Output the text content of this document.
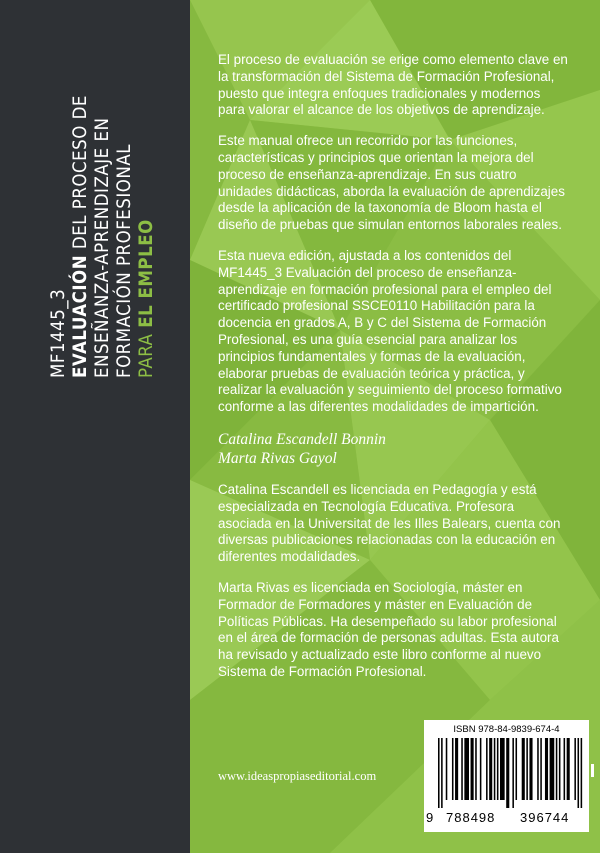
MF1445_3 EVALUACIÓN DEL PROCESO DE ENSEÑANZA-APRENDIZAJE EN FORMACIÓN PROFESIONAL PARA EL EMPLEO

El proceso de evaluación se erige como elemento clave en la transformación del Sistema de Formación Profesional, puesto que integra enfoques tradicionales y modernos para valorar el alcance de los objetivos de aprendizaje.

Este manual ofrece un recorrido por las funciones, características y principios que orientan la mejora del proceso de enseñanza-aprendizaje. En sus cuatro unidades didácticas, aborda la evaluación de aprendizajes desde la aplicación de la taxonomía de Bloom hasta el diseño de pruebas que simulan entornos laborales reales.

Esta nueva edición, ajustada a los contenidos del MF1445_3 Evaluación del proceso de enseñanza-aprendizaje en formación profesional para el empleo del certificado profesional SSCE0110 Habilitación para la docencia en grados A, B y C del Sistema de Formación Profesional, es una guía esencial para analizar los principios fundamentales y formas de la evaluación, elaborar pruebas de evaluación teórica y práctica, y realizar la evaluación y seguimiento del proceso formativo conforme a las diferentes modalidades de impartición.

Catalina Escandell Bonnin
Marta Rivas Gayol

Catalina Escandell es licenciada en Pedagogía y está especializada en Tecnología Educativa. Profesora asociada en la Universitat de les Illes Balears, cuenta con diversas publicaciones relacionadas con la educación en diferentes modalidades.

Marta Rivas es licenciada en Sociología, máster en Formador de Formadores y máster en Evaluación de Políticas Públicas. Ha desempeñado su labor profesional en el área de formación de personas adultas. Esta autora ha revisado y actualizado este libro conforme al nuevo Sistema de Formación Profesional.

www.ideaspropiaseditorial.com
ISBN 978-84-9839-674-4
9 788498 396744
